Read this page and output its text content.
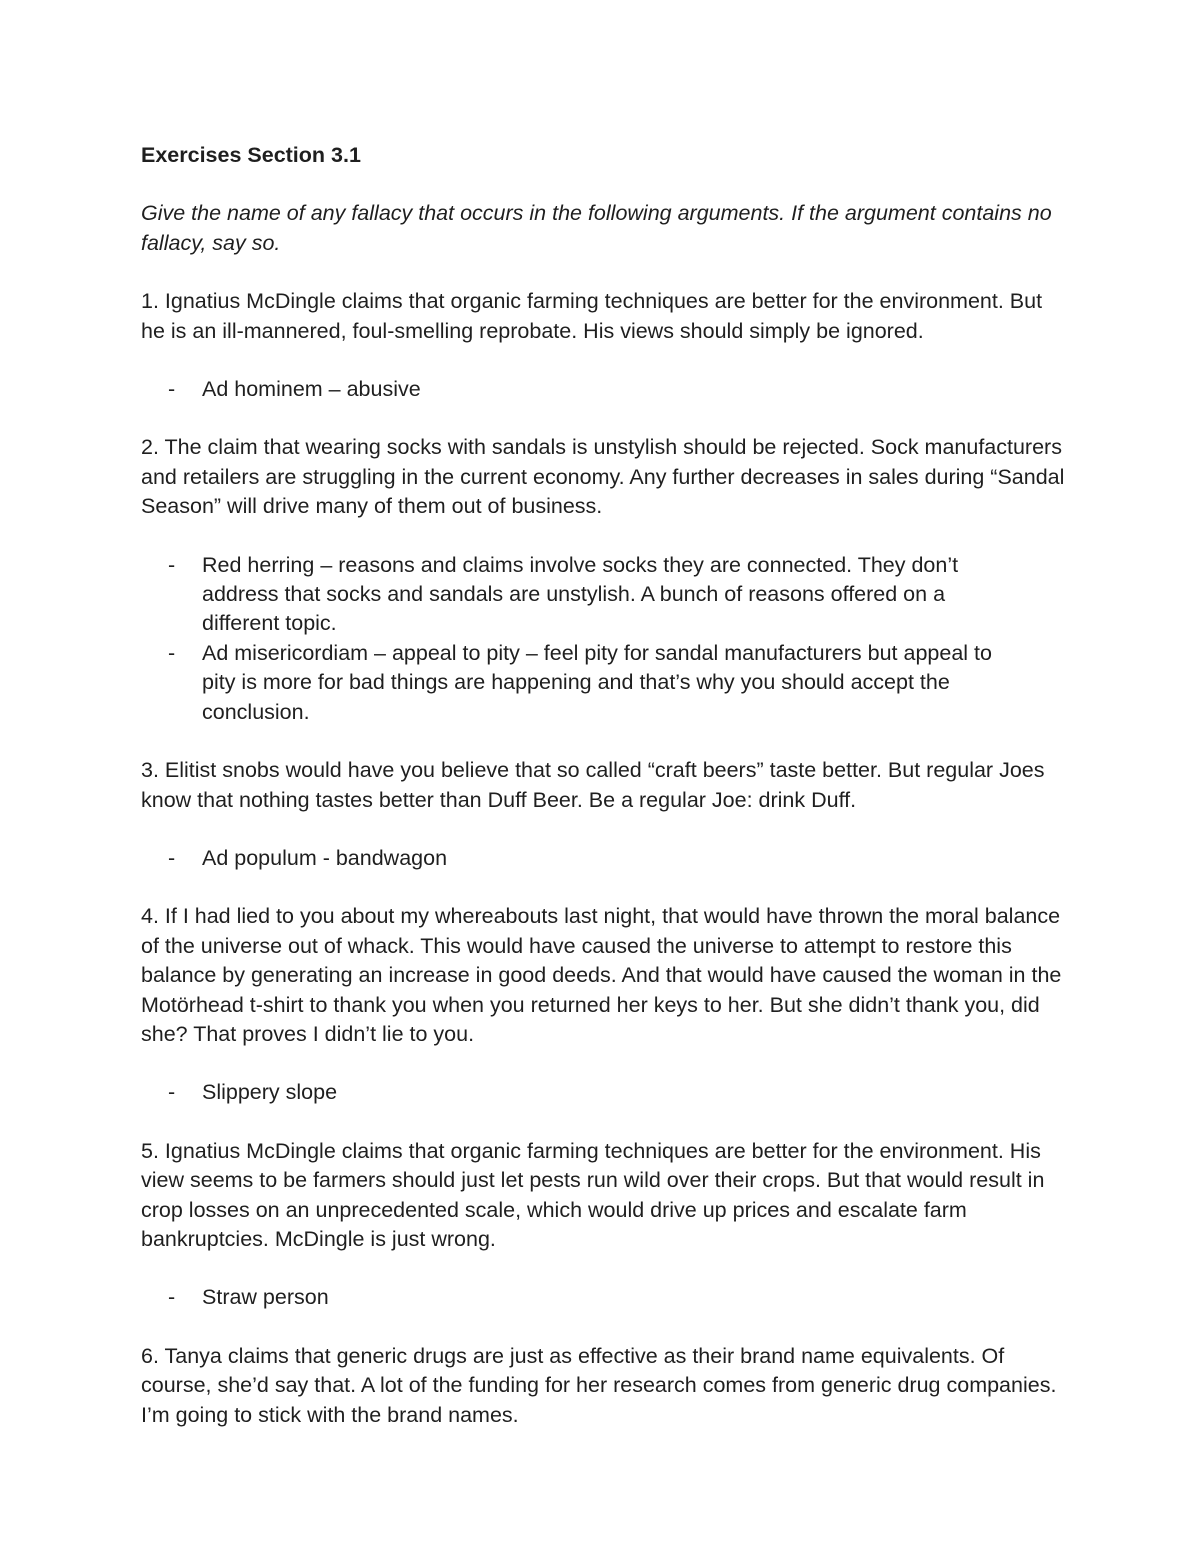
Exercises Section 3.1

Give the name of any fallacy that occurs in the following arguments. If the argument contains no fallacy, say so.

1. Ignatius McDingle claims that organic farming techniques are better for the environment. But he is an ill-mannered, foul-smelling reprobate. His views should simply be ignored.

- Ad hominem – abusive

2. The claim that wearing socks with sandals is unstylish should be rejected. Sock manufacturers and retailers are struggling in the current economy. Any further decreases in sales during “Sandal Season” will drive many of them out of business.

- Red herring – reasons and claims involve socks they are connected. They don’t address that socks and sandals are unstylish. A bunch of reasons offered on a different topic.
- Ad misericordiam – appeal to pity – feel pity for sandal manufacturers but appeal to pity is more for bad things are happening and that’s why you should accept the conclusion.

3. Elitist snobs would have you believe that so called “craft beers” taste better. But regular Joes know that nothing tastes better than Duff Beer. Be a regular Joe: drink Duff.

- Ad populum - bandwagon

4. If I had lied to you about my whereabouts last night, that would have thrown the moral balance of the universe out of whack. This would have caused the universe to attempt to restore this balance by generating an increase in good deeds. And that would have caused the woman in the Motörhead t-shirt to thank you when you returned her keys to her. But she didn’t thank you, did she? That proves I didn’t lie to you.

- Slippery slope

5. Ignatius McDingle claims that organic farming techniques are better for the environment. His view seems to be farmers should just let pests run wild over their crops. But that would result in crop losses on an unprecedented scale, which would drive up prices and escalate farm bankruptcies. McDingle is just wrong.

- Straw person

6. Tanya claims that generic drugs are just as effective as their brand name equivalents. Of course, she’d say that. A lot of the funding for her research comes from generic drug companies. I’m going to stick with the brand names.
